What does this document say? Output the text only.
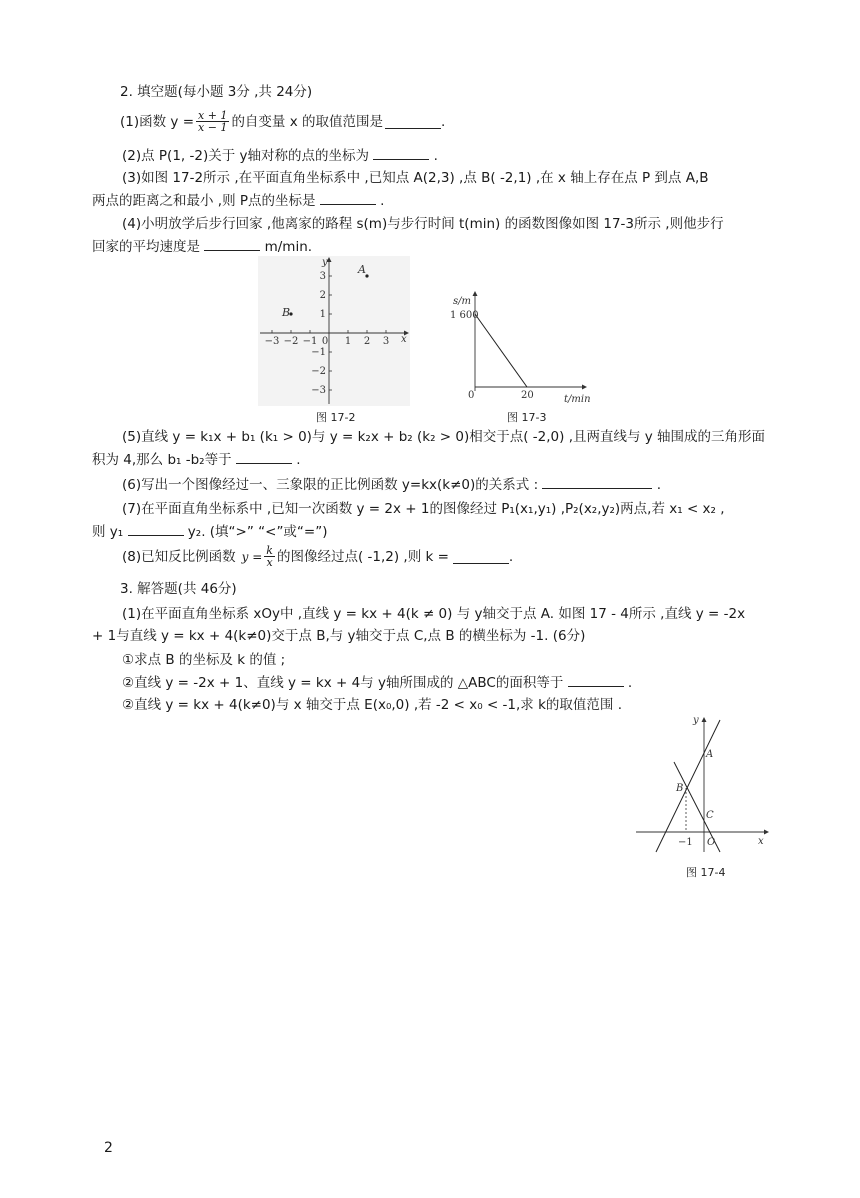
2. 填空题(每小题 3分 ,共 24分)
(1)函数 $y = \frac{x + 1}{x - 1}$ 的自变量 x 的取值范围是	.
(2)点 P(1, -2)关于 y轴对称的点的坐标为	.
(3)如图 17-2所示 ,在平面直角坐标系中 ,已知点 A(2,3) ,点 B( -2,1) ,在 x 轴上存在点 P 到点 A,B
两点的距离之和最小 ,则 P点的坐标是	.
(4)小明放学后步行回家 ,他离家的路程 s(m)与步行时间 t(min) 的函数图像如图 17-3所示 ,则他步行
回家的平均速度是	m/min.
−3 −2 −1 0 1 2 3
3
2
1
−1
−2
−3
x
y
A
B
图 17-2
s/m
1 600
0	20	t/min
图 17-3
(5)直线 y = k₁x + b₁ (k₁ > 0)与 y = k₂x + b₂ (k₂ > 0)相交于点( -2,0) ,且两直线与 y 轴围成的三角形面
积为 4,那么 b₁ -b₂等于	.
(6)写出一个图像经过一、三象限的正比例函数 y=kx(k≠0)的关系式 :	.
(7)在平面直角坐标系中 ,已知一次函数 y = 2x + 1的图像经过 P₁(x₁,y₁) ,P₂(x₂,y₂)两点,若 x₁ < x₂ ,
则 y₁	y₂. (填“>” “<”或“=”)
(8)已知反比例函数 $y = \frac{k}{x}$ 的图像经过点( -1,2) ,则 k =	.
3. 解答题(共 46分)
(1)在平面直角坐标系 xOy中 ,直线 y = kx + 4(k ≠ 0) 与 y轴交于点 A. 如图 17 - 4所示 ,直线 y = -2x
+ 1与直线 y = kx + 4(k≠0)交于点 B,与 y轴交于点 C,点 B 的横坐标为 -1. (6分)
①求点 B 的坐标及 k 的值 ;
②直线 y = -2x + 1、直线 y = kx + 4与 y轴所围成的 △ABC的面积等于	.
②直线 y = kx + 4(k≠0)与 x 轴交于点 E(x₀,0) ,若 -2 < x₀ < -1,求 k的取值范围 .
y
x
A
B
C
O
−1
图 17-4
2
